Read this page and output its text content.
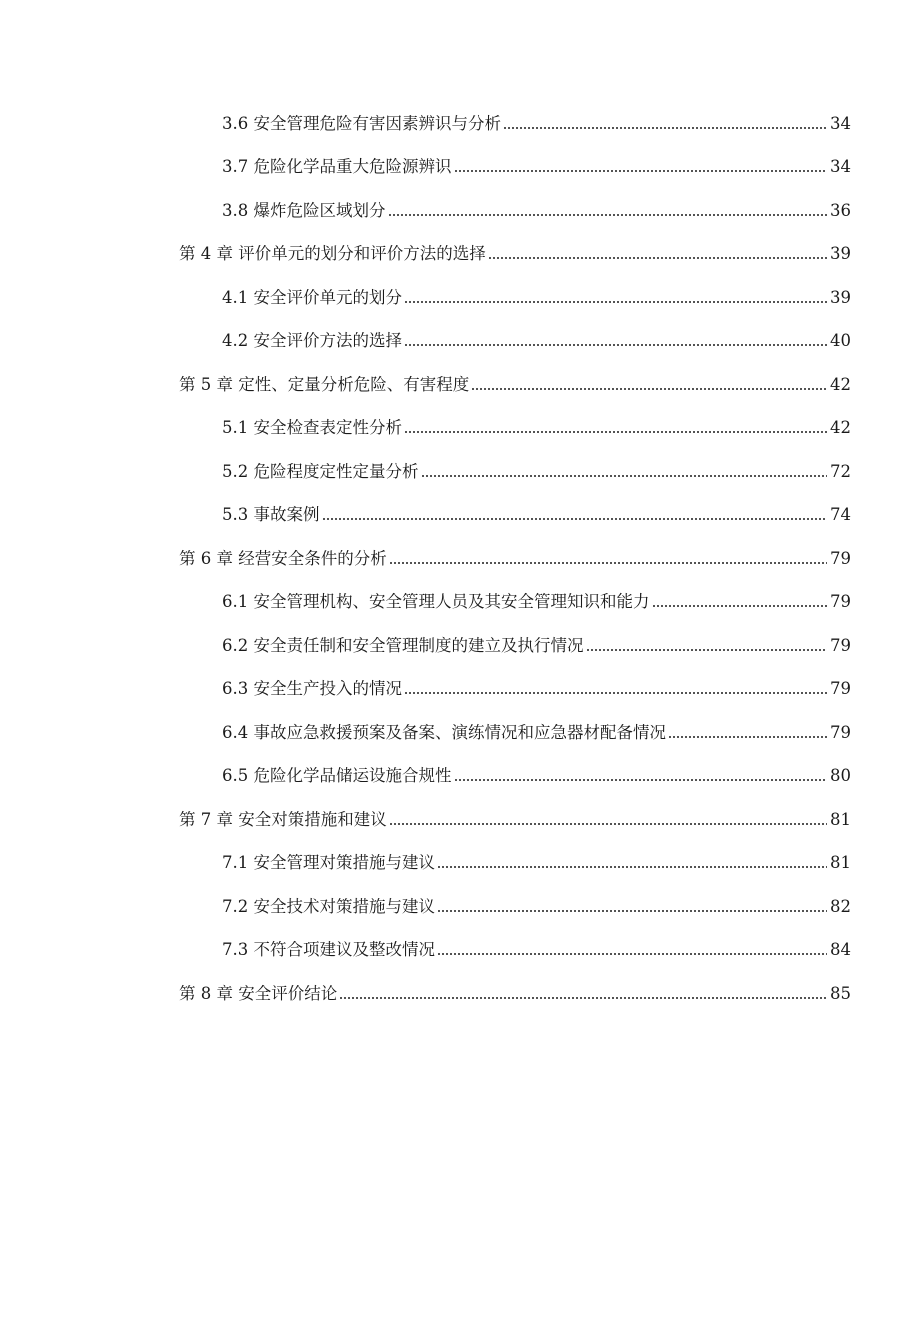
3.6 安全管理危险有害因素辨识与分析	34
3.7 危险化学品重大危险源辨识	34
3.8 爆炸危险区域划分	36
第 4 章 评价单元的划分和评价方法的选择	39
4.1 安全评价单元的划分	39
4.2 安全评价方法的选择	40
第 5 章 定性、定量分析危险、有害程度	42
5.1 安全检查表定性分析	42
5.2 危险程度定性定量分析	72
5.3 事故案例	74
第 6 章 经营安全条件的分析	79
6.1 安全管理机构、安全管理人员及其安全管理知识和能力	79
6.2 安全责任制和安全管理制度的建立及执行情况	79
6.3 安全生产投入的情况	79
6.4 事故应急救援预案及备案、演练情况和应急器材配备情况	79
6.5 危险化学品储运设施合规性	80
第 7 章 安全对策措施和建议	81
7.1 安全管理对策措施与建议	81
7.2 安全技术对策措施与建议	82
7.3 不符合项建议及整改情况	84
第 8 章 安全评价结论	85
